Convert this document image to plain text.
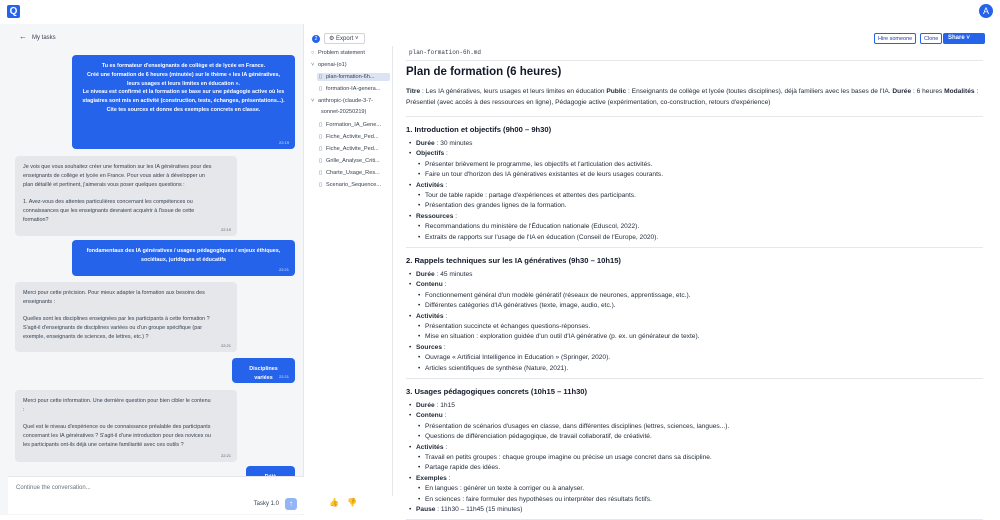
Q	A
← My tasks
Tu es formateur d'enseignants de collège et de lycée en France.
Créé une formation de 6 heures (minutée) sur le thème « les IA génératives,
leurs usages et leurs limites en éducation ».
Le niveau est confirmé et la formation se base sur une pédagogie active où les
stagiaires sont mis en activité (construction, tests, échanges, présentations...).
Cite tes sources et donne des exemples concrets en classe.
22:19
Je vois que vous souhaitez créer une formation sur les IA génératives pour des
enseignants de collège et lycée en France. Pour vous aider à développer un
plan détaillé et pertinent, j'aimerais vous poser quelques questions :

1. Avez-vous des attentes particulières concernant les compétences ou
connaissances que les enseignants devraient acquérir à l'issue de cette
formation?
22:19
fondamentaux des IA génératives / usages pédagogiques / enjeux éthiques,
sociétaux, juridiques et éducatifs
22:21
Merci pour cette précision. Pour mieux adapter la formation aux besoins des
enseignants :

Quelles sont les disciplines enseignées par les participants à cette formation ?
S'agit-il d'enseignants de disciplines variées ou d'un groupe spécifique (par
exemple, enseignants de sciences, de lettres, etc.) ?
22:21
Disciplines variées 22:21
Merci pour cette information. Une dernière question pour bien cibler le contenu
:

Quel est le niveau d'expérience ou de connaissance préalable des participants
concernant les IA génératives ? S'agit-il d'une introduction pour des novices ou
les participants ont-ils déjà une certaine familiarité avec ces outils ?
22:21
Continue the conversation...
Tasky 1.0	↑
2	⚙ Export ˅	Hire someone	Clone	Share ˅
○ Problem statement
˅ openai-(o1)
▯ plan-formation-6h...
▯ formation-IA-genera...
˅ anthropic-(claude-3-7-
sonnet-20250219)
▯ Formation_IA_Gene...
▯ Fiche_Activite_Ped...
▯ Fiche_Activite_Ped...
▯ Grille_Analyse_Criti...
▯ Charte_Usage_Res...
▯ Scenario_Sequence...
👍 👎
plan-formation-6h.md
Plan de formation (6 heures)
Titre : Les IA génératives, leurs usages et leurs limites en éducation Public : Enseignants de collège et lycée (toutes disciplines), déjà familiers avec les bases de l'IA. Durée : 6 heures Modalités :
Présentiel (avec accès à des ressources en ligne), Pédagogie active (expérimentation, co-construction, retours d'expérience)
1. Introduction et objectifs (9h00 – 9h30)
• Durée : 30 minutes
• Objectifs :
• Présenter brièvement le programme, les objectifs et l'articulation des activités.
• Faire un tour d'horizon des IA génératives existantes et de leurs usages courants.
• Activités :
• Tour de table rapide : partage d'expériences et attentes des participants.
• Présentation des grandes lignes de la formation.
• Ressources :
• Recommandations du ministère de l'Éducation nationale (Eduscol, 2022).
• Extraits de rapports sur l'usage de l'IA en éducation (Conseil de l'Europe, 2020).
2. Rappels techniques sur les IA génératives (9h30 – 10h15)
• Durée : 45 minutes
• Contenu :
• Fonctionnement général d'un modèle génératif (réseaux de neurones, apprentissage, etc.).
• Différentes catégories d'IA génératives (texte, image, audio, etc.).
• Activités :
• Présentation succincte et échanges questions-réponses.
• Mise en situation : exploration guidée d'un outil d'IA générative (p. ex. un générateur de texte).
• Sources :
• Ouvrage « Artificial Intelligence in Education » (Springer, 2020).
• Articles scientifiques de synthèse (Nature, 2021).
3. Usages pédagogiques concrets (10h15 – 11h30)
• Durée : 1h15
• Contenu :
• Présentation de scénarios d'usages en classe, dans différentes disciplines (lettres, sciences, langues...).
• Questions de différenciation pédagogique, de travail collaboratif, de créativité.
• Activités :
• Travail en petits groupes : chaque groupe imagine ou précise un usage concret dans sa discipline.
• Partage rapide des idées.
• Exemples :
• En langues : générer un texte à corriger ou à analyser.
• En sciences : faire formuler des hypothèses ou interpréter des résultats fictifs.
• Pause : 11h30 – 11h45 (15 minutes)
